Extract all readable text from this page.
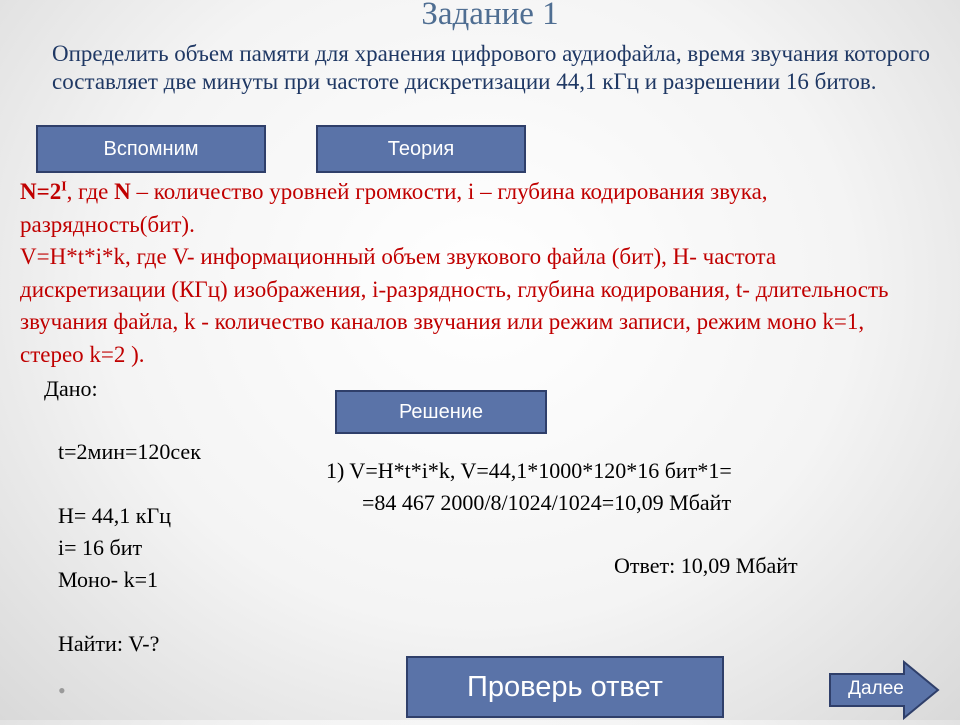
Задание 1
Определить объем памяти для хранения цифрового аудиофайла, время звучания которого составляет две минуты при частоте дискретизации 44,1 кГц и разрешении 16 битов.
Вспомним	Теория
$N=2^I$, где N – количество уровней громкости, i – глубина кодирования звука, разрядность(бит).
V=H*t*i*k, где V- информационный объем звукового файла (бит), H- частота дискретизации (КГц) изображения, i-разрядность, глубина кодирования, t- длительность звучания файла, k - количество каналов звучания или режим записи, режим моно k=1, стерео k=2 ).
Дано:
Решение
t=2мин=120сек
H= 44,1 кГц
i= 16 бит
Моно- k=1
Найти: V-?
1) V=H*t*i*k, V=44,1*1000*120*16 бит*1=
=84 467 2000/8/1024/1024=10,09 Мбайт
Ответ: 10,09 Мбайт
•	Проверь ответ	Далее
